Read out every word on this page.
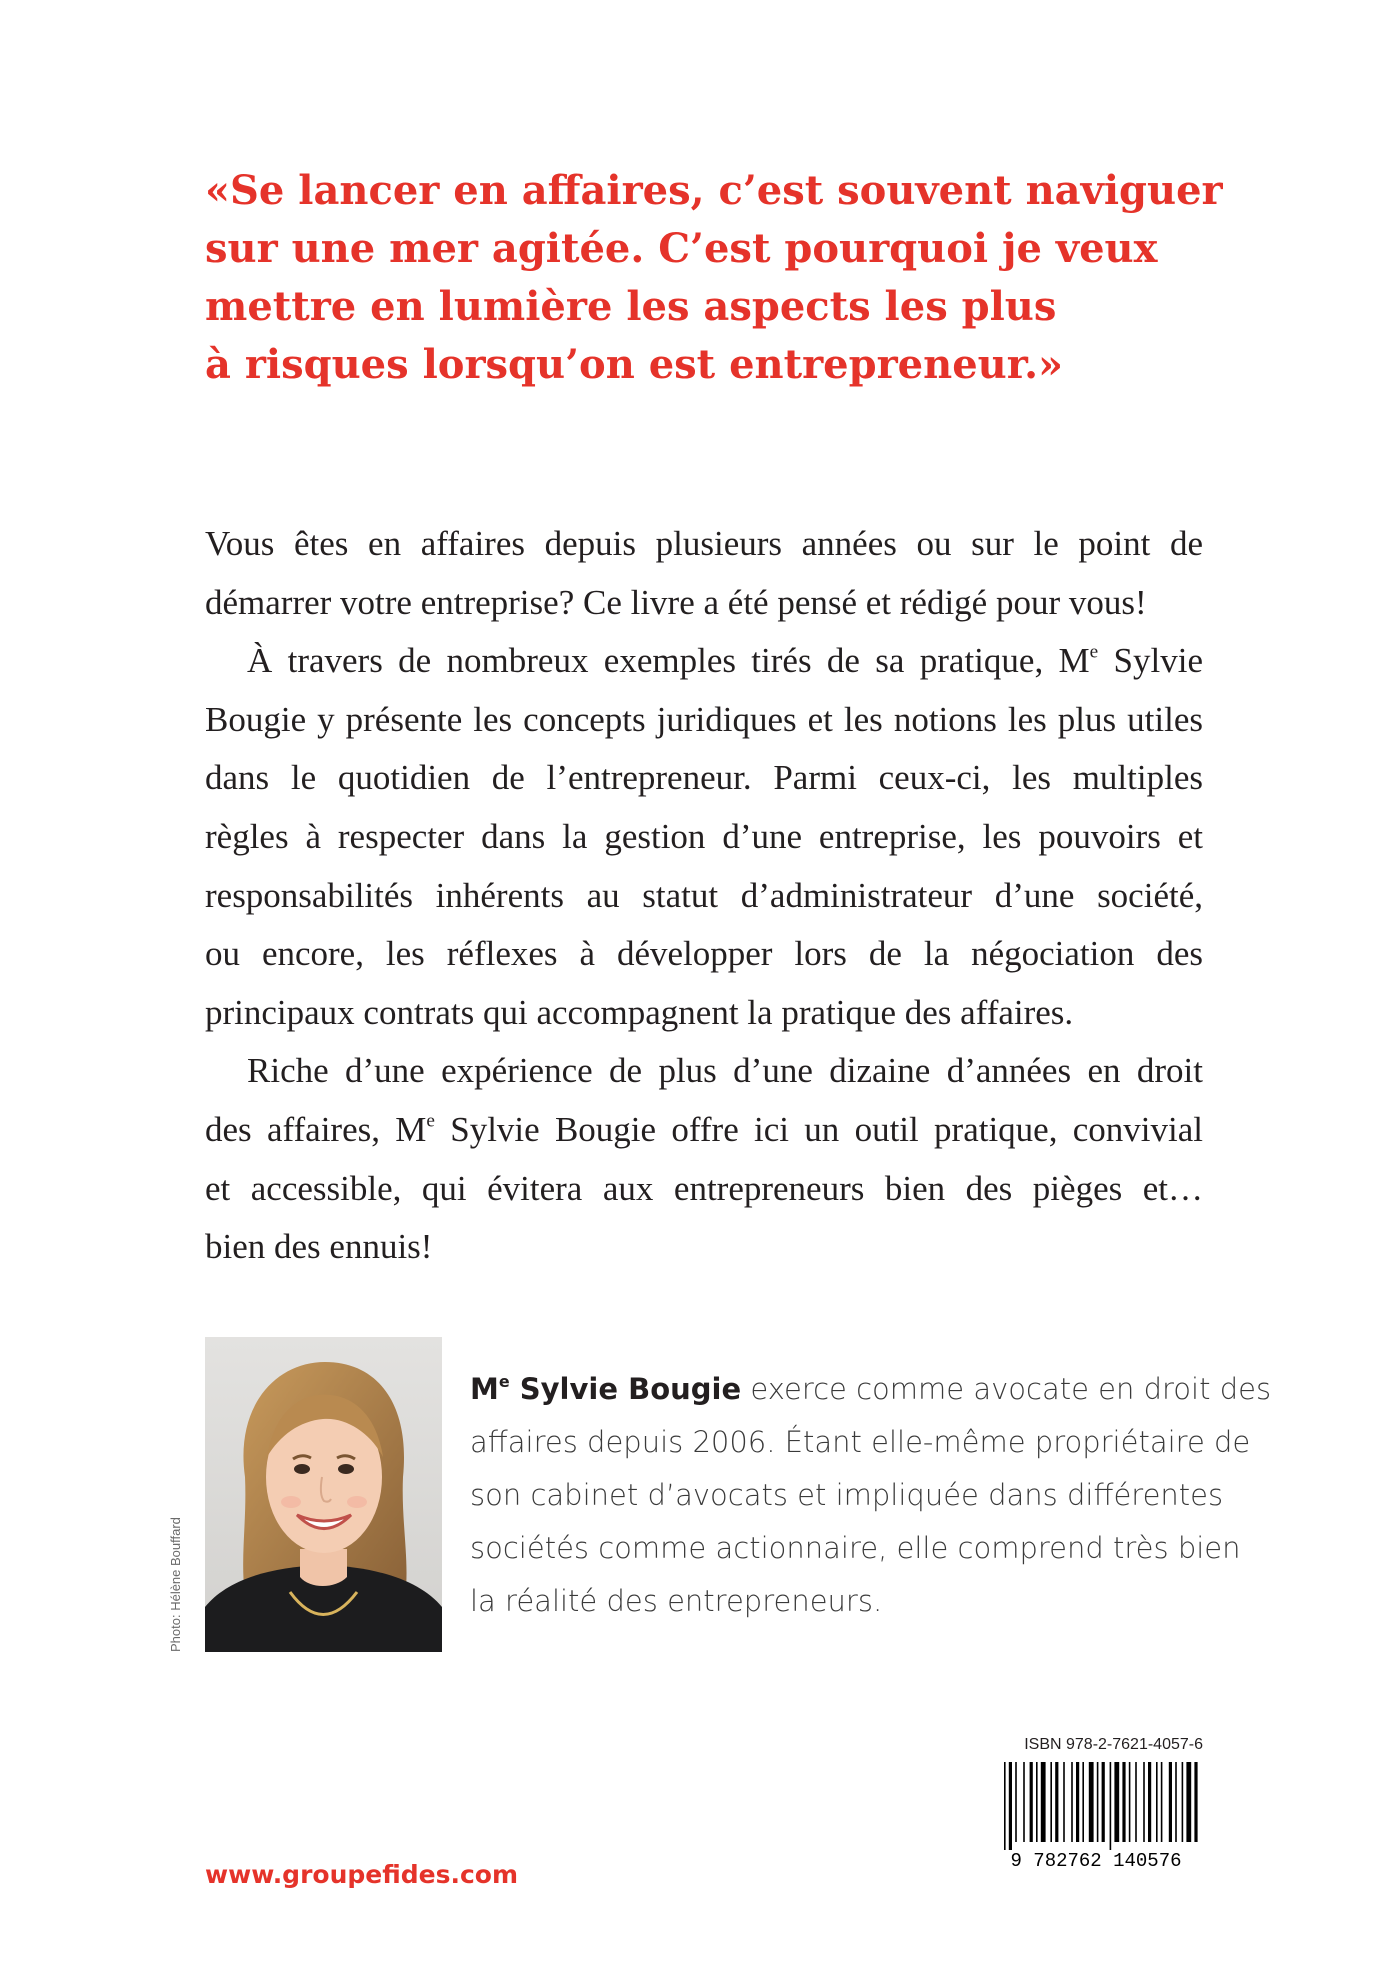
«Se lancer en affaires, c’est souvent naviguer
sur une mer agitée. C’est pourquoi je veux
mettre en lumière les aspects les plus
à risques lorsqu’on est entrepreneur.»

Vous êtes en affaires depuis plusieurs années ou sur le point de
démarrer votre entreprise? Ce livre a été pensé et rédigé pour vous!

À travers de nombreux exemples tirés de sa pratique, Me Sylvie
Bougie y présente les concepts juridiques et les notions les plus utiles
dans le quotidien de l’entrepreneur. Parmi ceux-ci, les multiples
règles à respecter dans la gestion d’une entreprise, les pouvoirs et
responsabilités inhérents au statut d’administrateur d’une société,
ou encore, les réflexes à développer lors de la négociation des
principaux contrats qui accompagnent la pratique des affaires.

Riche d’une expérience de plus d’une dizaine d’années en droit
des affaires, Me Sylvie Bougie offre ici un outil pratique, convivial
et accessible, qui évitera aux entrepreneurs bien des pièges et…
bien des ennuis!

Photo: Hélène Bouffard
Me Sylvie Bougie exerce comme avocate en droit des
affaires depuis 2006. Étant elle-même propriétaire de
son cabinet d’avocats et impliquée dans différentes
sociétés comme actionnaire, elle comprend très bien
la réalité des entrepreneurs.
ISBN 978-2-7621-4057-6
9 782762 140576
www.groupefides.com
